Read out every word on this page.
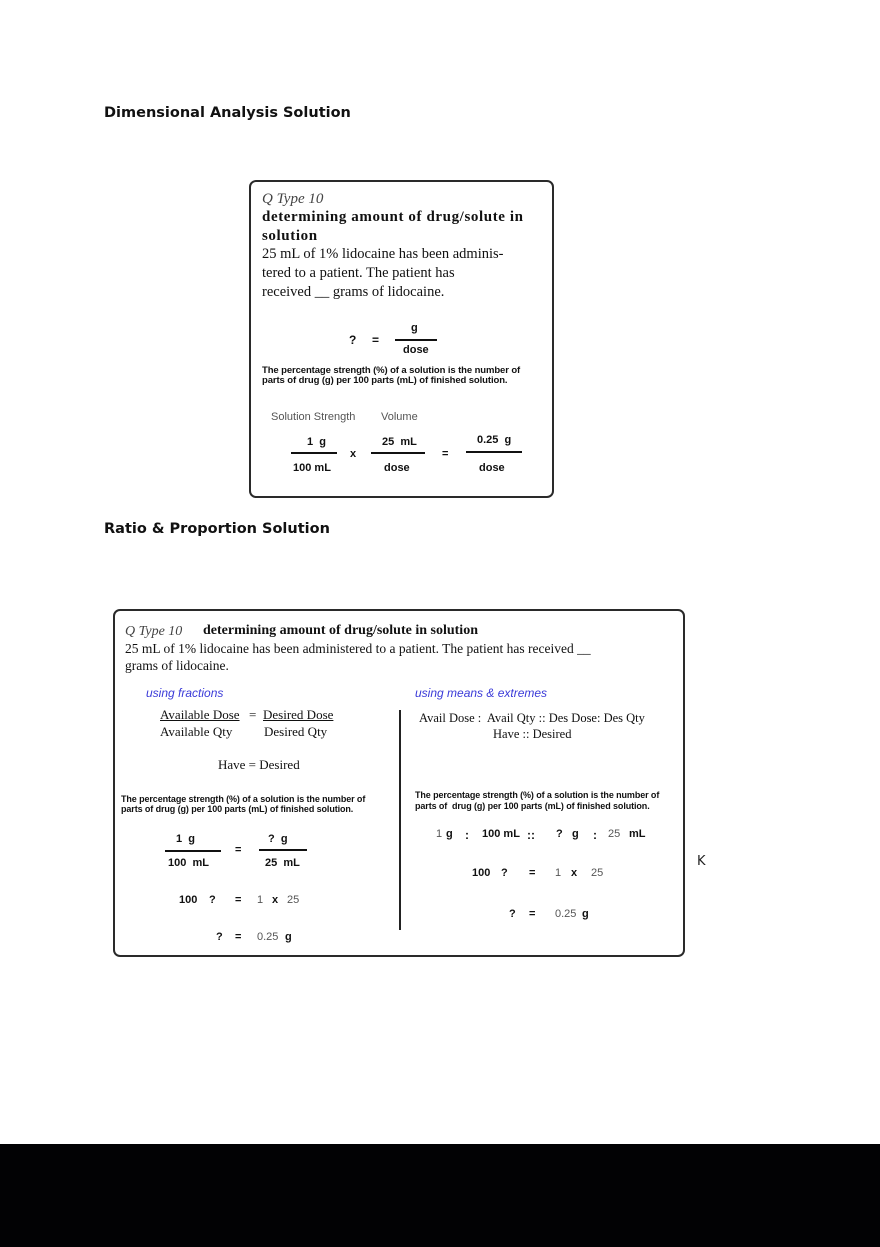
Dimensional Analysis Solution
Q Type 10
determining amount of drug/solute in
solution
25 mL of 1% lidocaine has been adminis-
tered to a patient. The patient has
received __ grams of lidocaine.
? =
g
dose
The percentage strength (%) of a solution is the number of
parts of drug (g) per 100 parts (mL) of finished solution.
Solution Strength Volume
1  g
100 mL
x
25  mL
dose
=
0.25  g
dose
Ratio & Proportion Solution
Q Type 10 determining amount of drug/solute in solution
25 mL of 1% lidocaine has been administered to a patient. The patient has received __
grams of lidocaine.
using fractions
Available Dose = Desired Dose
Available Qty Desired Qty
Have = Desired
The percentage strength (%) of a solution is the number of
parts of drug (g) per 100 parts (mL) of finished solution.
1  g
100  mL
=
?  g
25  mL
100 ? = 1 x 25
? = 0.25 g
using means & extremes
Avail Dose :  Avail Qty :: Des Dose: Des Qty
Have :: Desired
The percentage strength (%) of a solution is the number of
parts of  drug (g) per 100 parts (mL) of finished solution.
1 g : 100 mL :: ? g : 25 mL
100 ? = 1 x 25
? = 0.25 g
K
